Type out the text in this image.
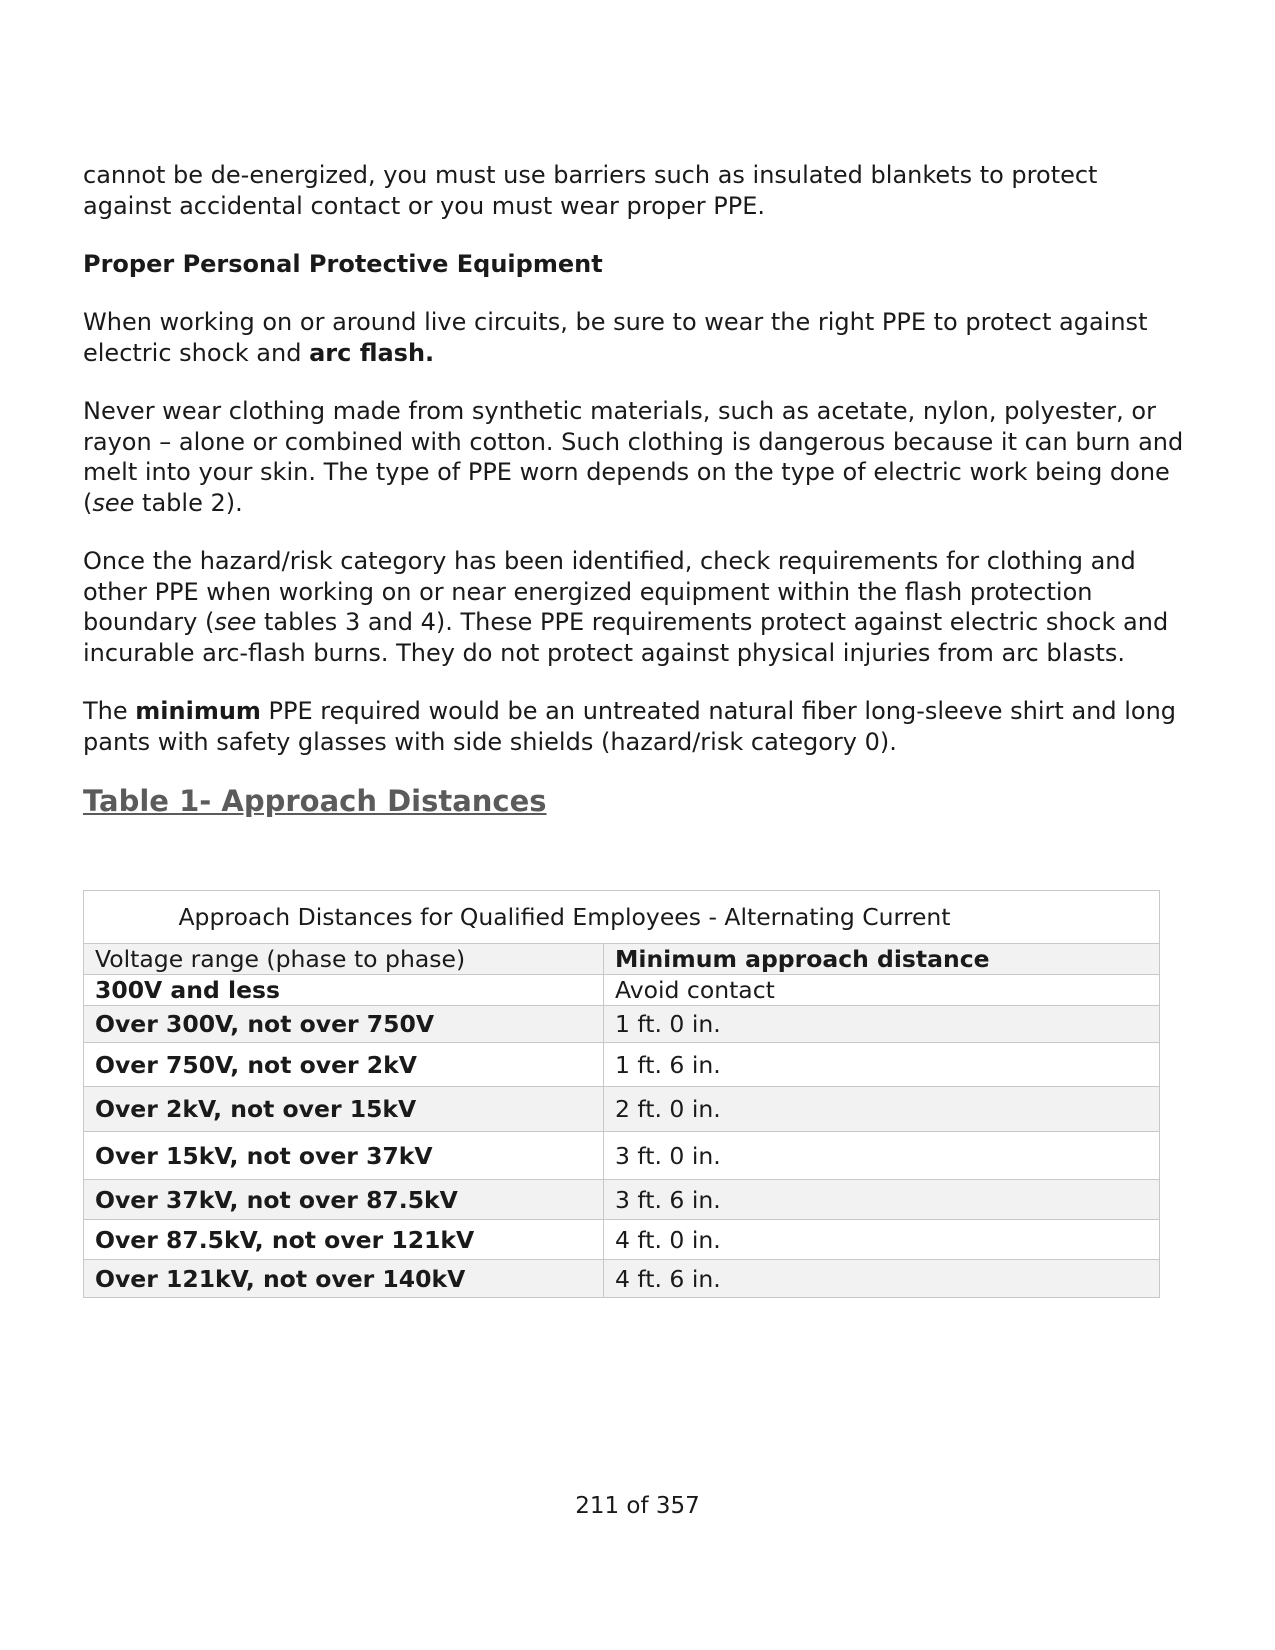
cannot be de-energized, you must use barriers such as insulated blankets to protect against accidental contact or you must wear proper PPE.

Proper Personal Protective Equipment

When working on or around live circuits, be sure to wear the right PPE to protect against electric shock and arc flash.

Never wear clothing made from synthetic materials, such as acetate, nylon, polyester, or rayon – alone or combined with cotton. Such clothing is dangerous because it can burn and melt into your skin. The type of PPE worn depends on the type of electric work being done (see table 2).

Once the hazard/risk category has been identified, check requirements for clothing and other PPE when working on or near energized equipment within the flash protection boundary (see tables 3 and 4). These PPE requirements protect against electric shock and incurable arc-flash burns. They do not protect against physical injuries from arc blasts.

The minimum PPE required would be an untreated natural fiber long-sleeve shirt and long pants with safety glasses with side shields (hazard/risk category 0).

Table 1- Approach Distances
Approach Distances for Qualified Employees - Alternating Current	
Voltage range (phase to phase)	Minimum approach distance
300V and less	Avoid contact
Over 300V, not over 750V	1 ft. 0 in.
Over 750V, not over 2kV	1 ft. 6 in.
Over 2kV, not over 15kV	2 ft. 0 in.
Over 15kV, not over 37kV	3 ft. 0 in.
Over 37kV, not over 87.5kV	3 ft. 6 in.
Over 87.5kV, not over 121kV	4 ft. 0 in.
Over 121kV, not over 140kV	4 ft. 6 in.
211 of 357
